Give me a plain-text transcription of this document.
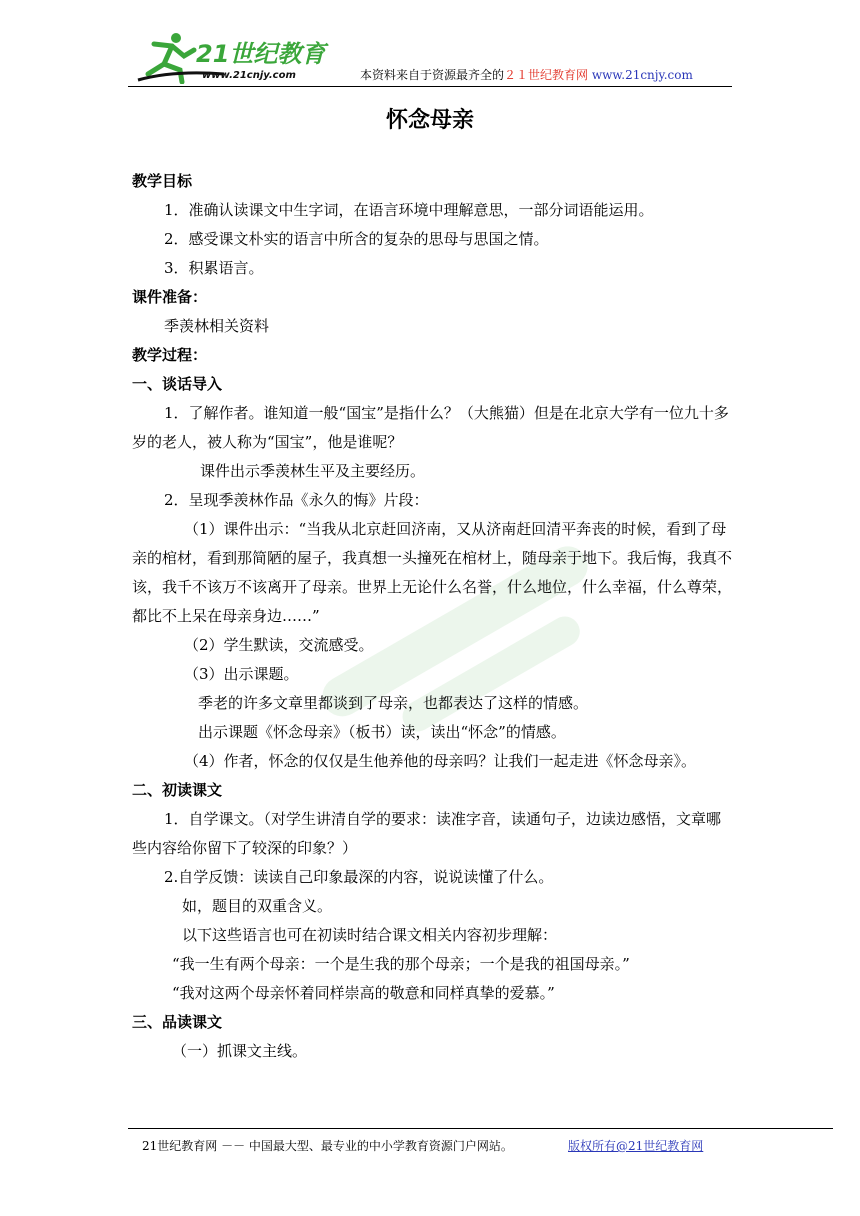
21世纪教育
www.21cnjy.com	本资料来自于资源最齐全的２１世纪教育网 www.21cnjy.com
怀念母亲
教学目标
1．准确认读课文中生字词，在语言环境中理解意思，一部分词语能运用。
2．感受课文朴实的语言中所含的复杂的思母与思国之情。
3．积累语言。
课件准备：
季羡林相关资料
教学过程：
一、谈话导入
1．了解作者。谁知道一般“国宝”是指什么？（大熊猫）但是在北京大学有一位九十多岁的老人，被人称为“国宝”，他是谁呢？
课件出示季羡林生平及主要经历。
2．呈现季羡林作品《永久的悔》片段：
（1）课件出示：“当我从北京赶回济南，又从济南赶回清平奔丧的时候，看到了母亲的棺材，看到那简陋的屋子，我真想一头撞死在棺材上，随母亲于地下。我后悔，我真不该，我千不该万不该离开了母亲。世界上无论什么名誉，什么地位，什么幸福，什么尊荣，都比不上呆在母亲身边……”
（2）学生默读，交流感受。
（3）出示课题。
季老的许多文章里都谈到了母亲，也都表达了这样的情感。
出示课题《怀念母亲》（板书）读，读出“怀念”的情感。
（4）作者，怀念的仅仅是生他养他的母亲吗？让我们一起走进《怀念母亲》。
二、初读课文
1．自学课文。（对学生讲清自学的要求：读准字音，读通句子，边读边感悟，文章哪些内容给你留下了较深的印象？）
2.自学反馈：读读自己印象最深的内容，说说读懂了什么。
如，题目的双重含义。
以下这些语言也可在初读时结合课文相关内容初步理解：
“我一生有两个母亲：一个是生我的那个母亲；一个是我的祖国母亲。”
“我对这两个母亲怀着同样崇高的敬意和同样真挚的爱慕。”
三、品读课文
（一）抓课文主线。
21世纪教育网 －－ 中国最大型、最专业的中小学教育资源门户网站。	版权所有@21世纪教育网
